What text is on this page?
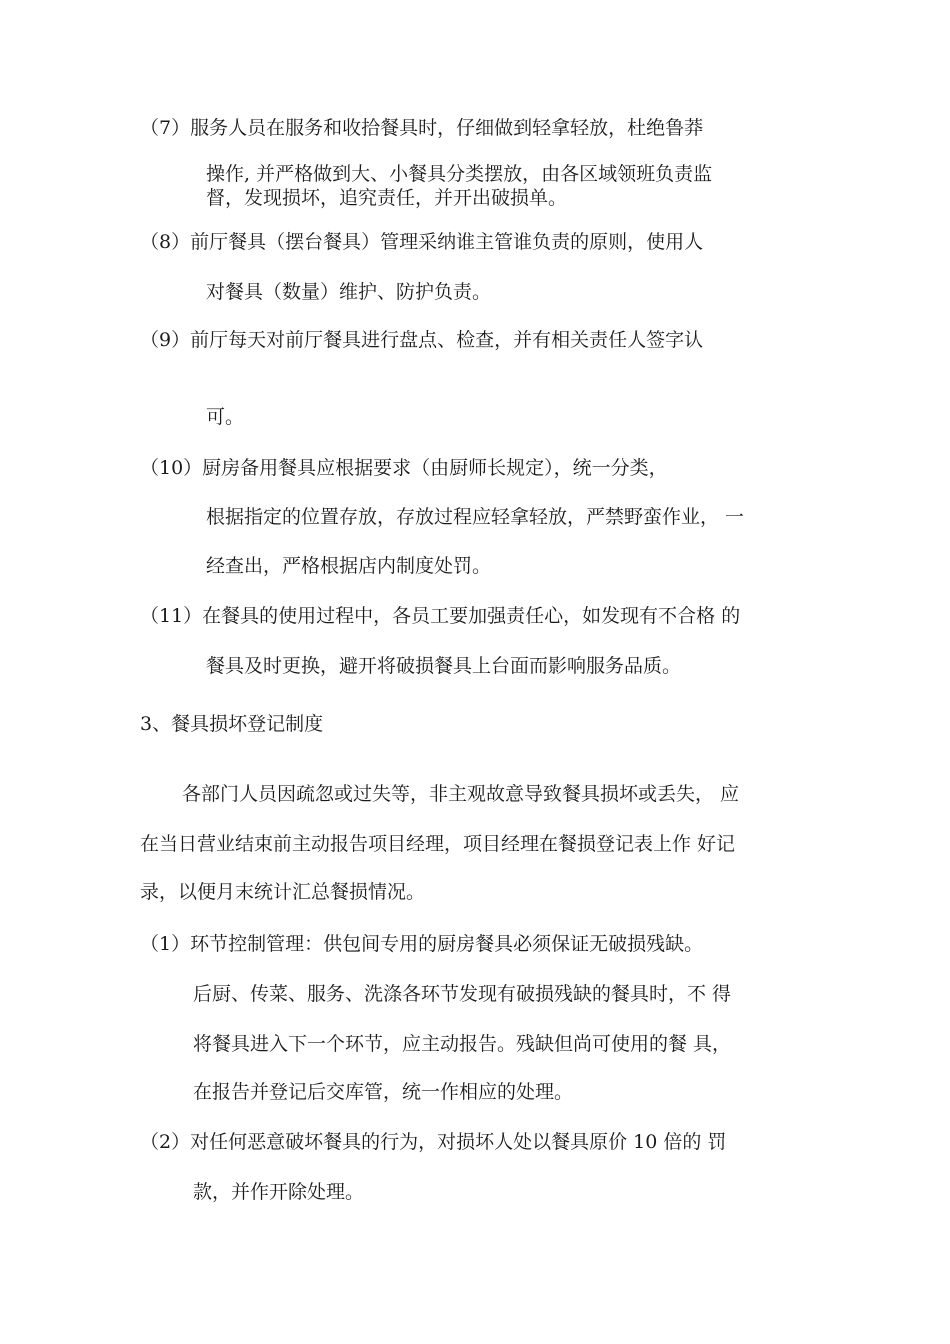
（7）服务人员在服务和收拾餐具时，仔细做到轻拿轻放，杜绝鲁莽

操作, 并严格做到大、小餐具分类摆放，由各区域领班负责监

督，发现损坏，追究责任，并开出破损单。

（8）前厅餐具（摆台餐具）管理采纳谁主管谁负责的原则，使用人

对餐具（数量）维护、防护负责。

（9）前厅每天对前厅餐具进行盘点、检查，并有相关责任人签字认

可。

（10）厨房备用餐具应根据要求（由厨师长规定），统一分类，

根据指定的位置存放，存放过程应轻拿轻放，严禁野蛮作业， 一

经查出，严格根据店内制度处罚。

（11）在餐具的使用过程中，各员工要加强责任心，如发现有不合格 的

餐具及时更换，避开将破损餐具上台面而影响服务品质。

3、餐具损坏登记制度

各部门人员因疏忽或过失等，非主观故意导致餐具损坏或丢失， 应

在当日营业结束前主动报告项目经理，项目经理在餐损登记表上作 好记

录，以便月末统计汇总餐损情况。

（1）环节控制管理：供包间专用的厨房餐具必须保证无破损残缺。

后厨、传菜、服务、洗涤各环节发现有破损残缺的餐具时，不 得

将餐具进入下一个环节，应主动报告。残缺但尚可使用的餐 具，

在报告并登记后交库管，统一作相应的处理。

（2）对任何恶意破坏餐具的行为，对损坏人处以餐具原价 10 倍的 罚

款，并作开除处理。
